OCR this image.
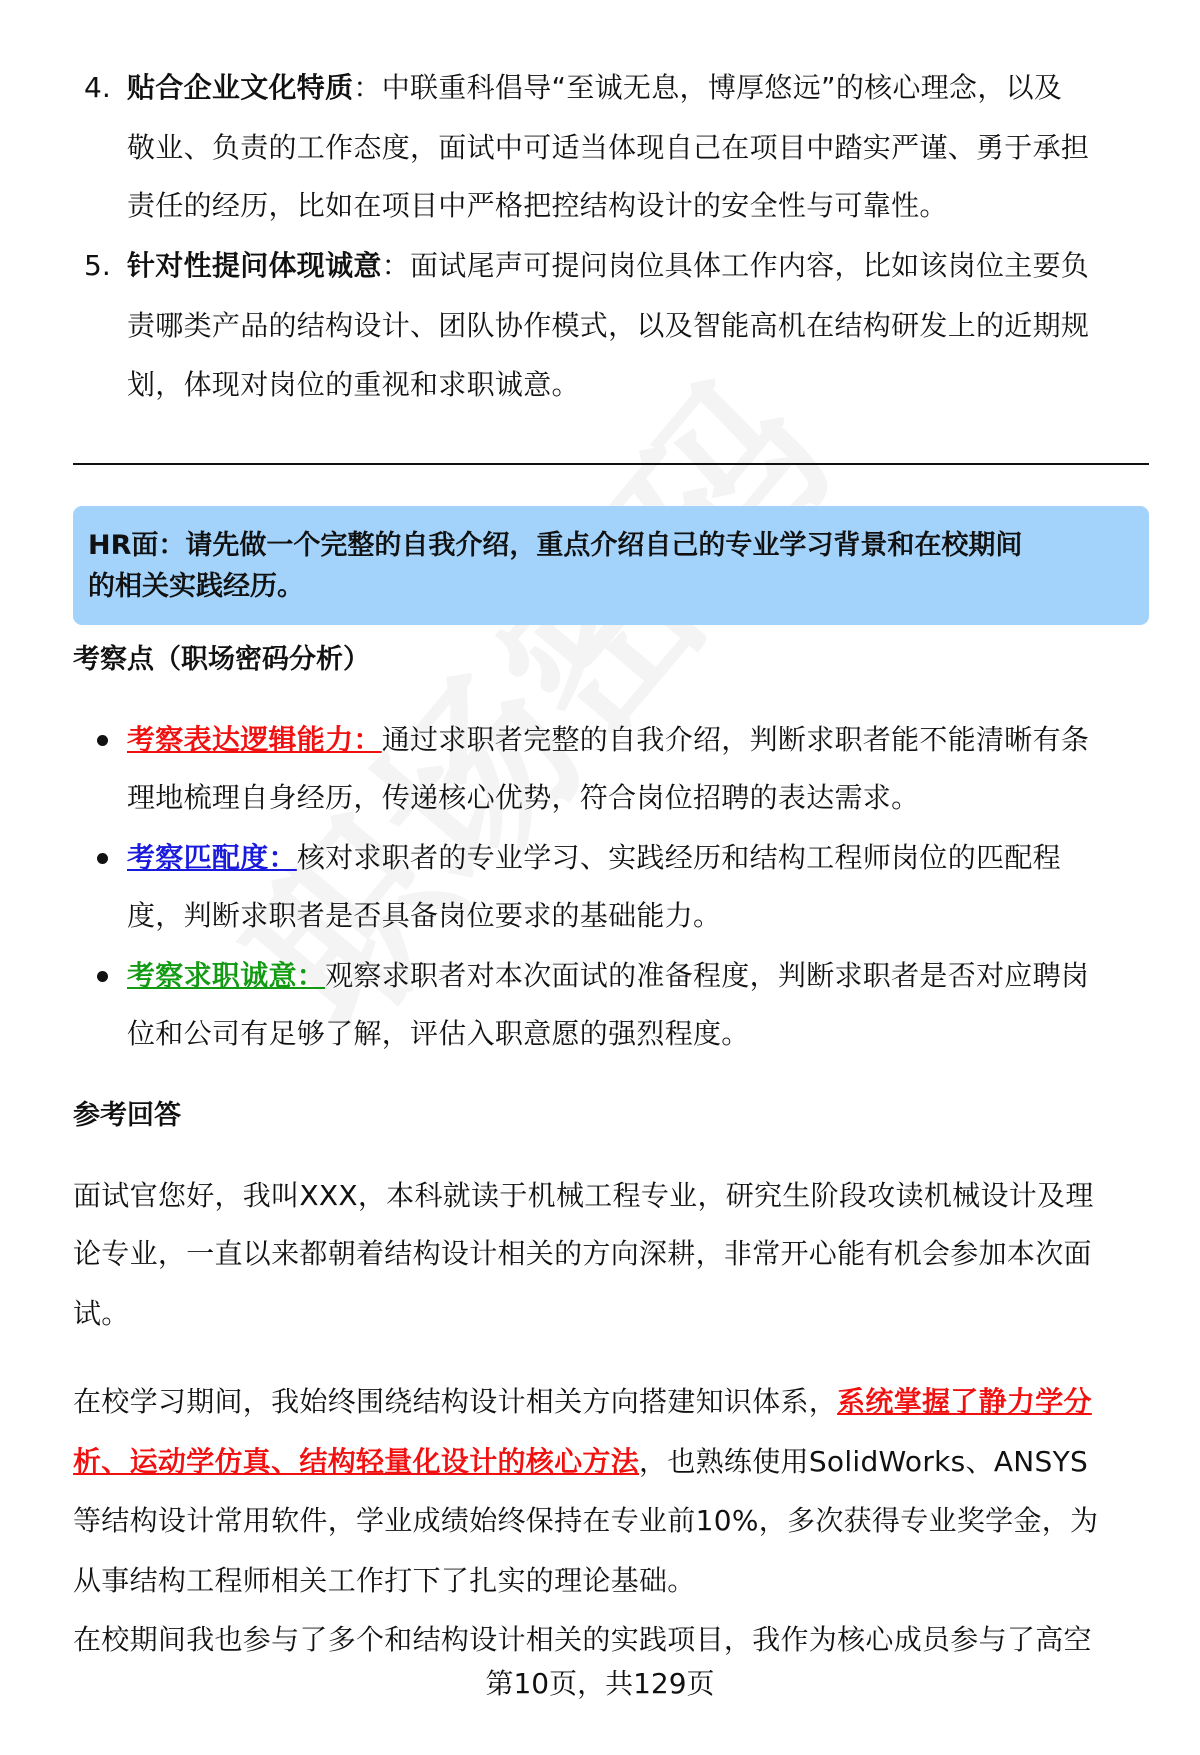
4. 贴合企业文化特质：中联重科倡导“至诚无息，博厚悠远”的核心理念，以及
敬业、负责的工作态度，面试中可适当体现自己在项目中踏实严谨、勇于承担
责任的经历，比如在项目中严格把控结构设计的安全性与可靠性。
5. 针对性提问体现诚意：面试尾声可提问岗位具体工作内容，比如该岗位主要负
责哪类产品的结构设计、团队协作模式，以及智能高机在结构研发上的近期规
划，体现对岗位的重视和求职诚意。
HR面：请先做一个完整的自我介绍，重点介绍自己的专业学习背景和在校期间
的相关实践经历。
考察点（职场密码分析）
考察表达逻辑能力：通过求职者完整的自我介绍，判断求职者能不能清晰有条
理地梳理自身经历，传递核心优势，符合岗位招聘的表达需求。
考察匹配度：核对求职者的专业学习、实践经历和结构工程师岗位的匹配程
度，判断求职者是否具备岗位要求的基础能力。
考察求职诚意：观察求职者对本次面试的准备程度，判断求职者是否对应聘岗
位和公司有足够了解，评估入职意愿的强烈程度。
参考回答
面试官您好，我叫XXX，本科就读于机械工程专业，研究生阶段攻读机械设计及理
论专业，一直以来都朝着结构设计相关的方向深耕，非常开心能有机会参加本次面
试。
在校学习期间，我始终围绕结构设计相关方向搭建知识体系，系统掌握了静力学分
析、运动学仿真、结构轻量化设计的核心方法，也熟练使用SolidWorks、ANSYS
等结构设计常用软件，学业成绩始终保持在专业前10%，多次获得专业奖学金，为
从事结构工程师相关工作打下了扎实的理论基础。
在校期间我也参与了多个和结构设计相关的实践项目，我作为核心成员参与了高空
第10页，共129页
